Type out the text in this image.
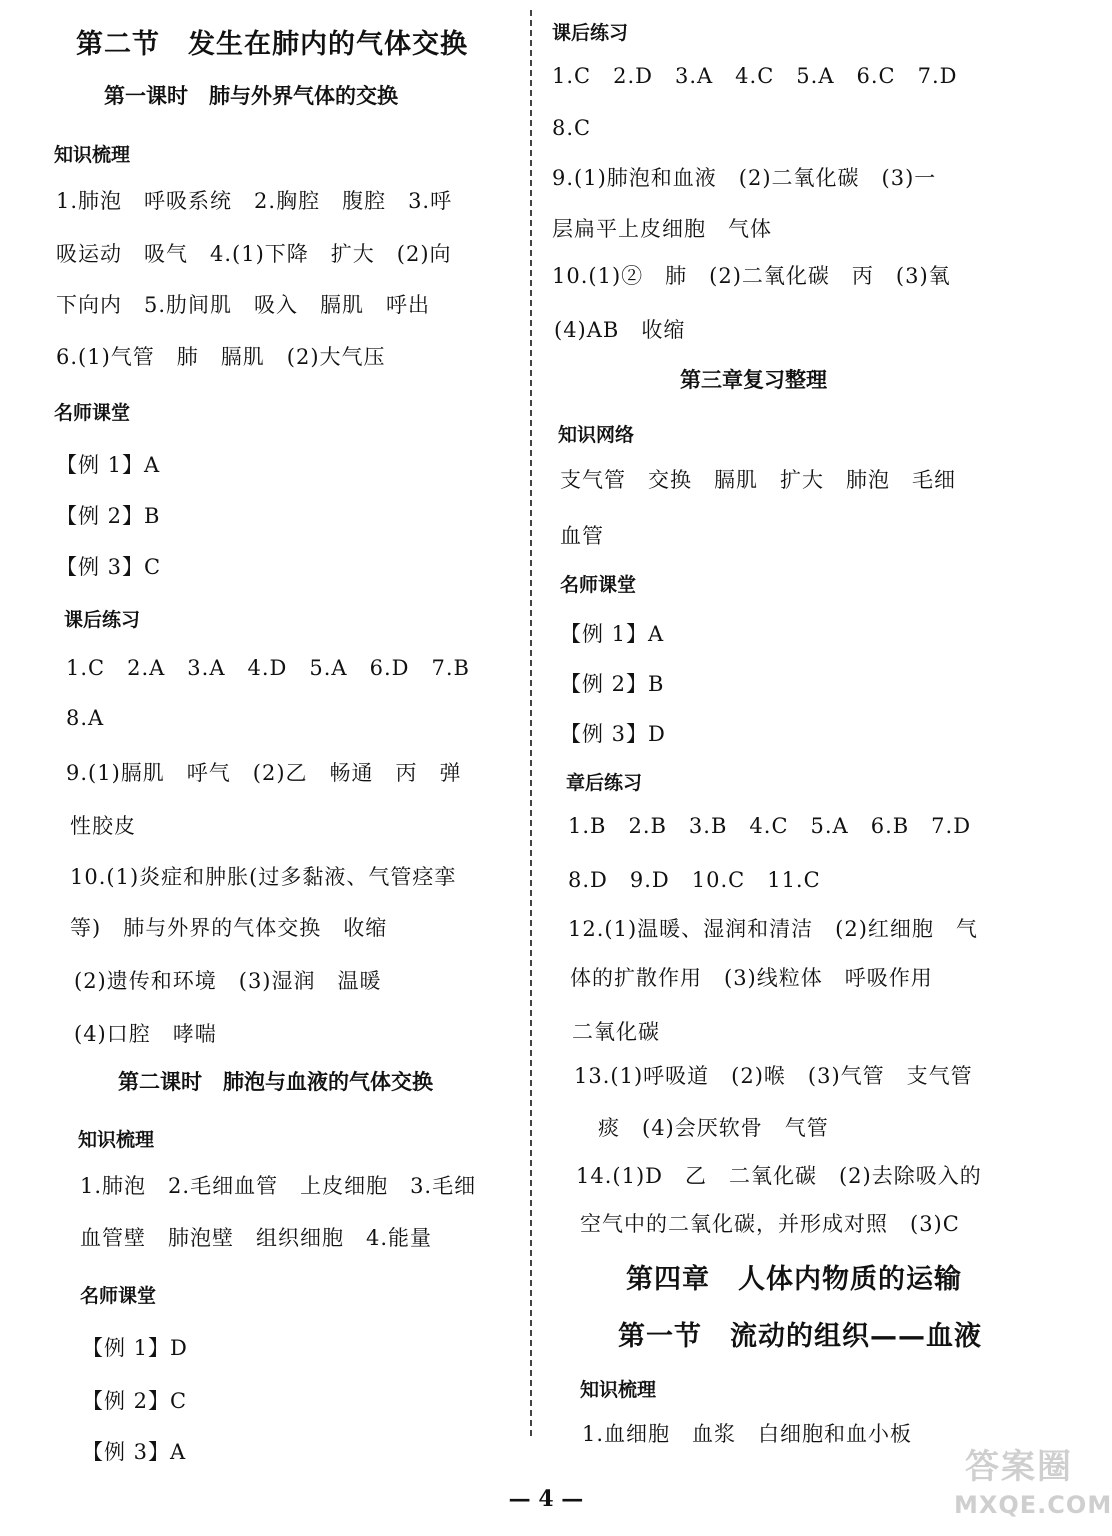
第二节　发生在肺内的气体交换
第一课时　肺与外界气体的交换
知识梳理
1.肺泡　呼吸系统　2.胸腔　腹腔　3.呼
吸运动　吸气　4.(1)下降　扩大　(2)向
下向内　5.肋间肌　吸入　膈肌　呼出
6.(1)气管　肺　膈肌　(2)大气压
名师课堂
【例 1】A
【例 2】B
【例 3】C
课后练习
1.C　2.A　3.A　4.D　5.A　6.D　7.B
8.A
9.(1)膈肌　呼气　(2)乙　畅通　丙　弹
性胶皮
10.(1)炎症和肿胀(过多黏液、气管痉挛
等)　肺与外界的气体交换　收缩
(2)遗传和环境　(3)湿润　温暖
(4)口腔　哮喘
第二课时　肺泡与血液的气体交换
知识梳理
1.肺泡　2.毛细血管　上皮细胞　3.毛细
血管壁　肺泡壁　组织细胞　4.能量
名师课堂
【例 1】D
【例 2】C
【例 3】A
课后练习
1.C　2.D　3.A　4.C　5.A　6.C　7.D
8.C
9.(1)肺泡和血液　(2)二氧化碳　(3)一
层扁平上皮细胞　气体
10.(1)②　肺　(2)二氧化碳　丙　(3)氧
(4)AB　收缩
第三章复习整理
知识网络
支气管　交换　膈肌　扩大　肺泡　毛细
血管
名师课堂
【例 1】A
【例 2】B
【例 3】D
章后练习
1.B　2.B　3.B　4.C　5.A　6.B　7.D
8.D　9.D　10.C　11.C
12.(1)温暖、湿润和清洁　(2)红细胞　气
体的扩散作用　(3)线粒体　呼吸作用
二氧化碳
13.(1)呼吸道　(2)喉　(3)气管　支气管
痰　(4)会厌软骨　气管
14.(1)D　乙　二氧化碳　(2)去除吸入的
空气中的二氧化碳，并形成对照　(3)C
第四章　人体内物质的运输
第一节　流动的组织——血液
知识梳理
1.血细胞　血浆　白细胞和血小板
— 4 —
答案圈
MXQE.COM
